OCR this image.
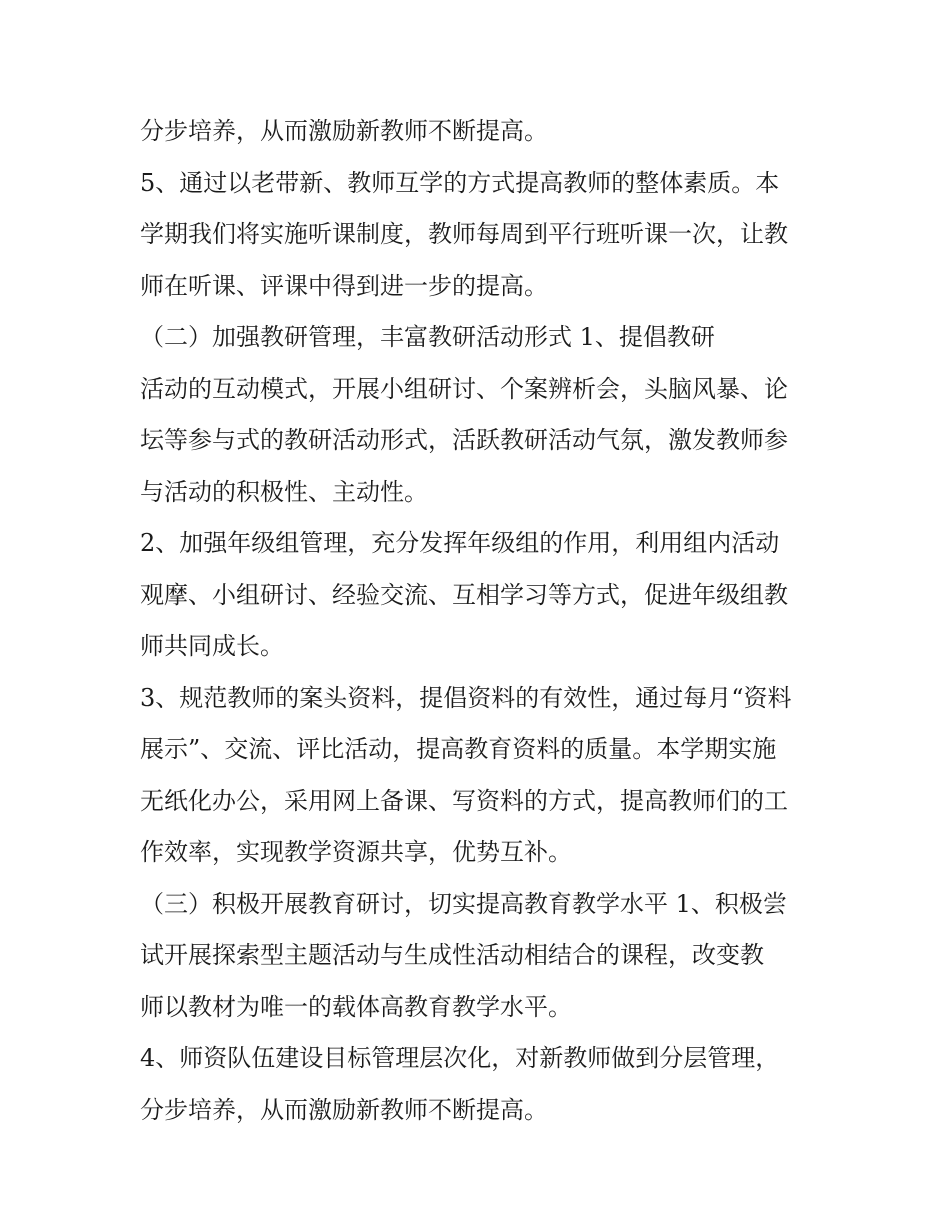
分步培养，从而激励新教师不断提高。
5、通过以老带新、教师互学的方式提高教师的整体素质。本
学期我们将实施听课制度，教师每周到平行班听课一次，让教
师在听课、评课中得到进一步的提高。
（二）加强教研管理，丰富教研活动形式 1、提倡教研
活动的互动模式，开展小组研讨、个案辨析会，头脑风暴、论
坛等参与式的教研活动形式，活跃教研活动气氛，激发教师参
与活动的积极性、主动性。
2、加强年级组管理，充分发挥年级组的作用，利用组内活动
观摩、小组研讨、经验交流、互相学习等方式，促进年级组教
师共同成长。
3、规范教师的案头资料，提倡资料的有效性，通过每月“资料
展示”、交流、评比活动，提高教育资料的质量。本学期实施
无纸化办公，采用网上备课、写资料的方式，提高教师们的工
作效率，实现教学资源共享，优势互补。
（三）积极开展教育研讨，切实提高教育教学水平 1、积极尝
试开展探索型主题活动与生成性活动相结合的课程，改变教
师以教材为唯一的载体高教育教学水平。
4、师资队伍建设目标管理层次化，对新教师做到分层管理，
分步培养，从而激励新教师不断提高。
